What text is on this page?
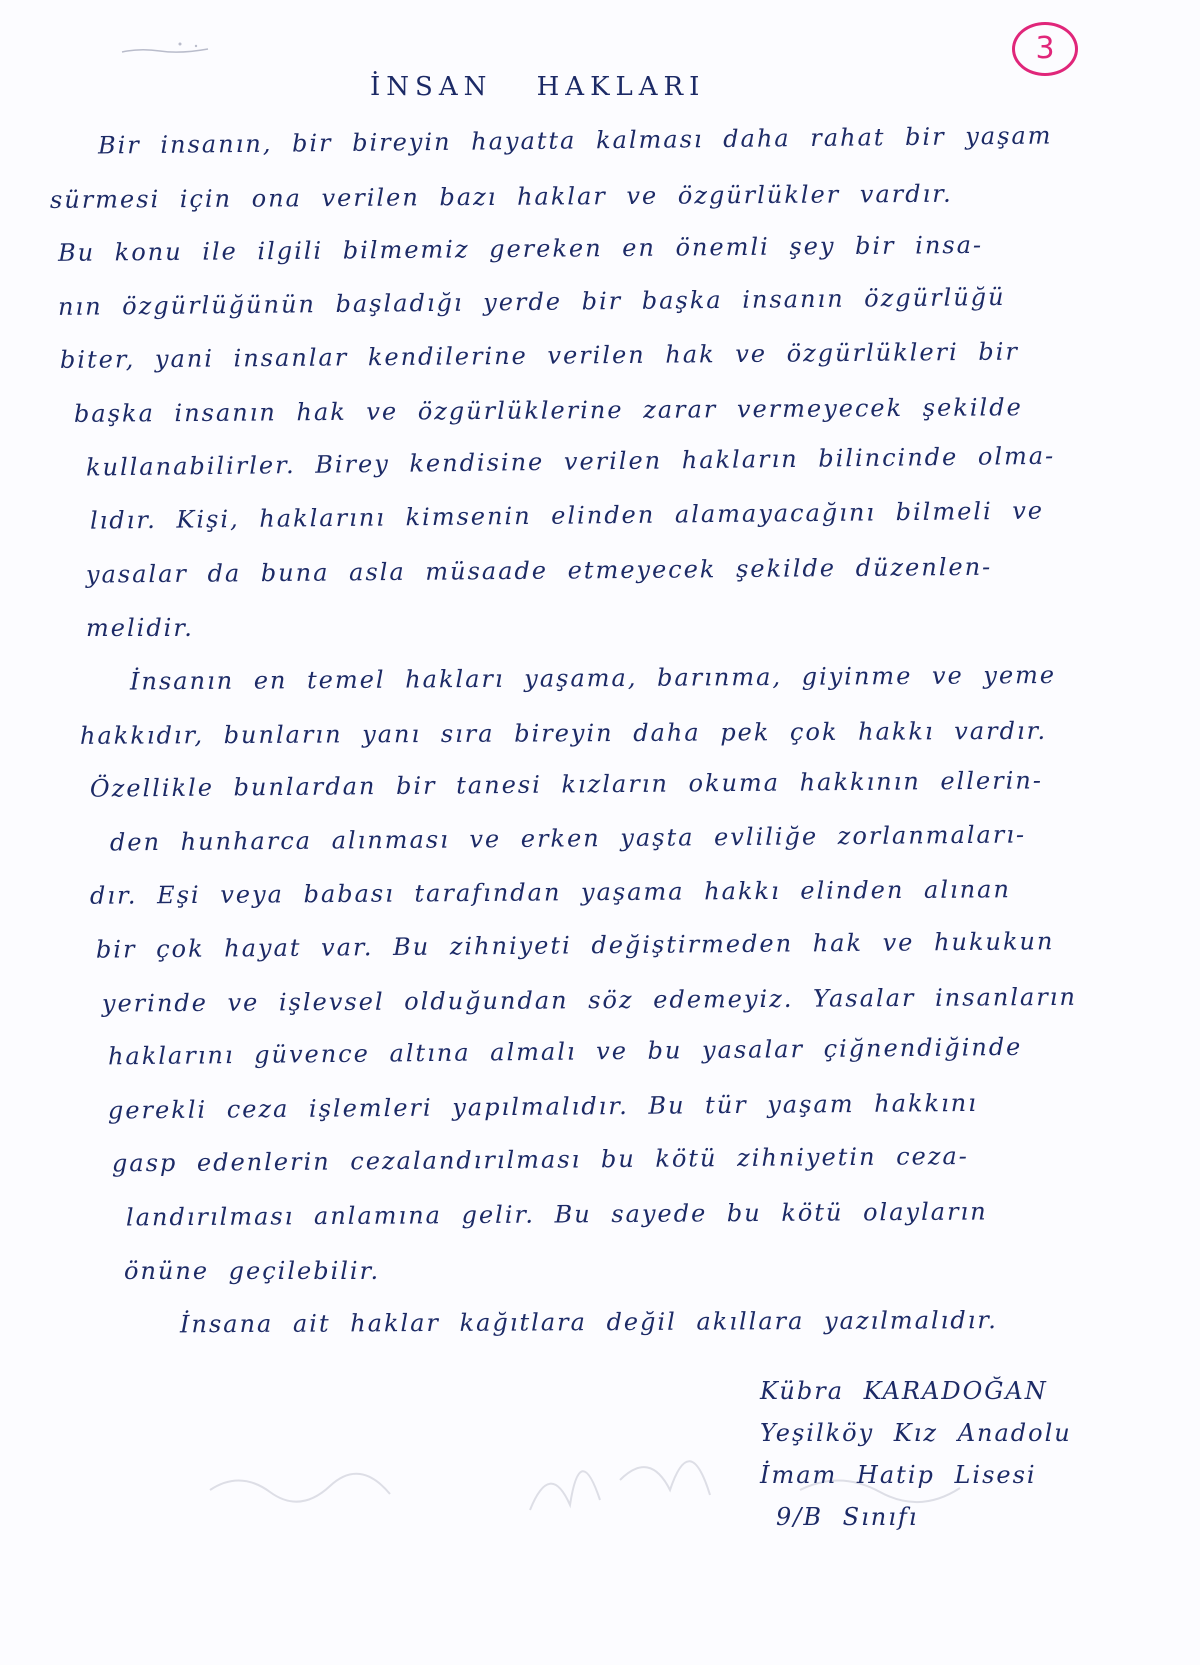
3
İNSAN HAKLARI
Bir insanın, bir bireyin hayatta kalması daha rahat bir yaşam
sürmesi için ona verilen bazı haklar ve özgürlükler vardır.
Bu konu ile ilgili bilmemiz gereken en önemli şey bir insa-
nın özgürlüğünün başladığı yerde bir başka insanın özgürlüğü
biter, yani insanlar kendilerine verilen hak ve özgürlükleri bir
başka insanın hak ve özgürlüklerine zarar vermeyecek şekilde
kullanabilirler. Birey kendisine verilen hakların bilincinde olma-
lıdır. Kişi, haklarını kimsenin elinden alamayacağını bilmeli ve
yasalar da buna asla müsaade etmeyecek şekilde düzenlen-
melidir.
İnsanın en temel hakları yaşama, barınma, giyinme ve yeme
hakkıdır, bunların yanı sıra bireyin daha pek çok hakkı vardır.
Özellikle bunlardan bir tanesi kızların okuma hakkının ellerin-
den hunharca alınması ve erken yaşta evliliğe zorlanmaları-
dır. Eşi veya babası tarafından yaşama hakkı elinden alınan
bir çok hayat var. Bu zihniyeti değiştirmeden hak ve hukukun
yerinde ve işlevsel olduğundan söz edemeyiz. Yasalar insanların
haklarını güvence altına almalı ve bu yasalar çiğnendiğinde
gerekli ceza işlemleri yapılmalıdır. Bu tür yaşam hakkını
gasp edenlerin cezalandırılması bu kötü zihniyetin ceza-
landırılması anlamına gelir. Bu sayede bu kötü olayların
önüne geçilebilir.
İnsana ait haklar kağıtlara değil akıllara yazılmalıdır.
Kübra KARADOĞAN
Yeşilköy Kız Anadolu
İmam Hatip Lisesi
9/B Sınıfı
